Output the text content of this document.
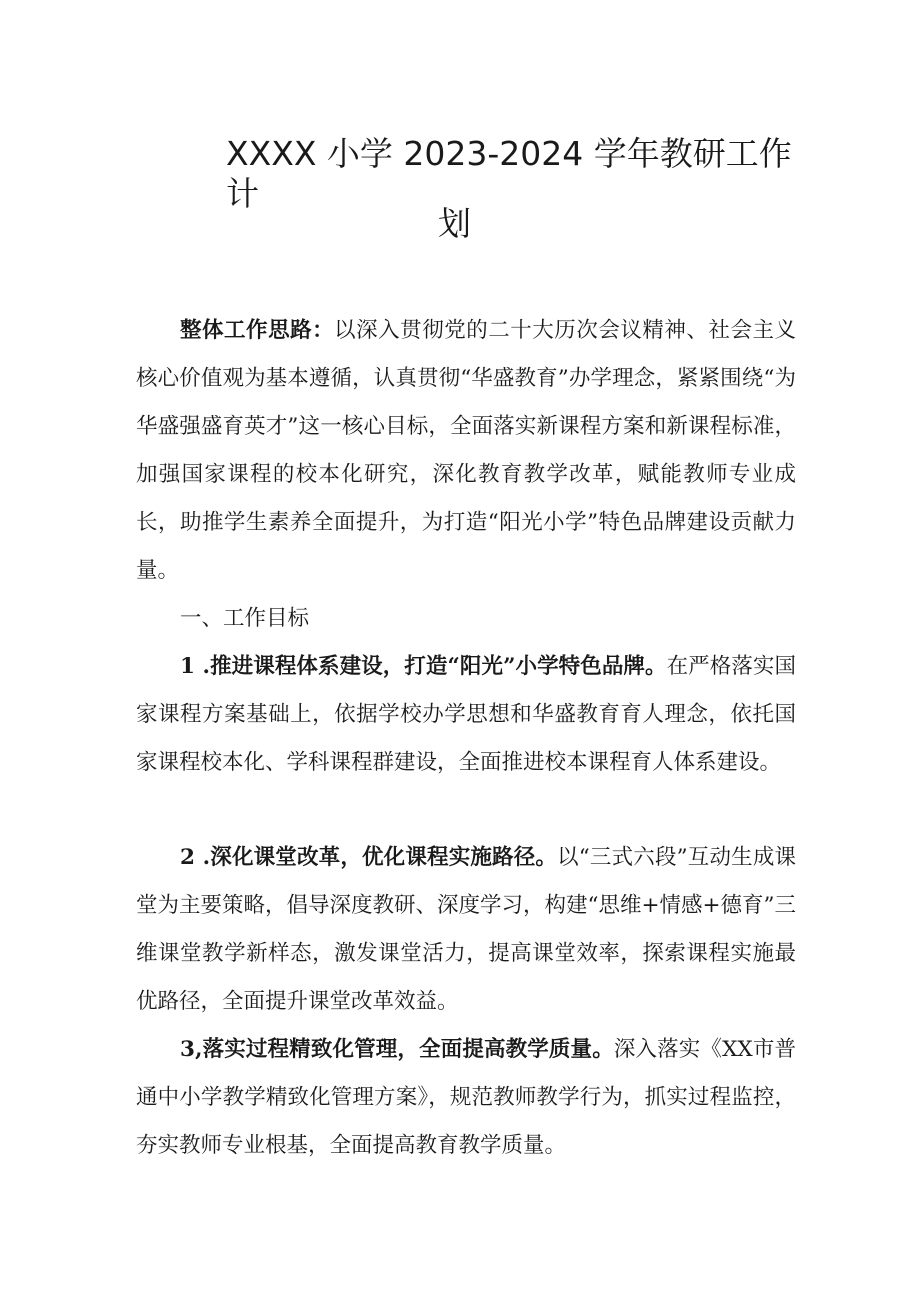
XXXX 小学 2023-2024 学年教研工作计
划

整体工作思路：以深入贯彻党的二十大历次会议精神、社会主义核心价值观为基本遵循，认真贯彻“华盛教育”办学理念，紧紧围绕“为华盛强盛育英才”这一核心目标，全面落实新课程方案和新课程标准，加强国家课程的校本化研究，深化教育教学改革，赋能教师专业成长，助推学生素养全面提升，为打造“阳光小学”特色品牌建设贡献力量。

一、工作目标

1 .推进课程体系建设，打造“阳光”小学特色品牌。在严格落实国家课程方案基础上，依据学校办学思想和华盛教育育人理念，依托国家课程校本化、学科课程群建设，全面推进校本课程育人体系建设。

2 .深化课堂改革，优化课程实施路径。以“三式六段”互动生成课堂为主要策略，倡导深度教研、深度学习，构建“思维+情感+德育”三维课堂教学新样态，激发课堂活力，提高课堂效率，探索课程实施最优路径，全面提升课堂改革效益。

3,落实过程精致化管理，全面提高教学质量。深入落实《XX市普通中小学教学精致化管理方案》，规范教师教学行为，抓实过程监控，夯实教师专业根基，全面提高教育教学质量。
